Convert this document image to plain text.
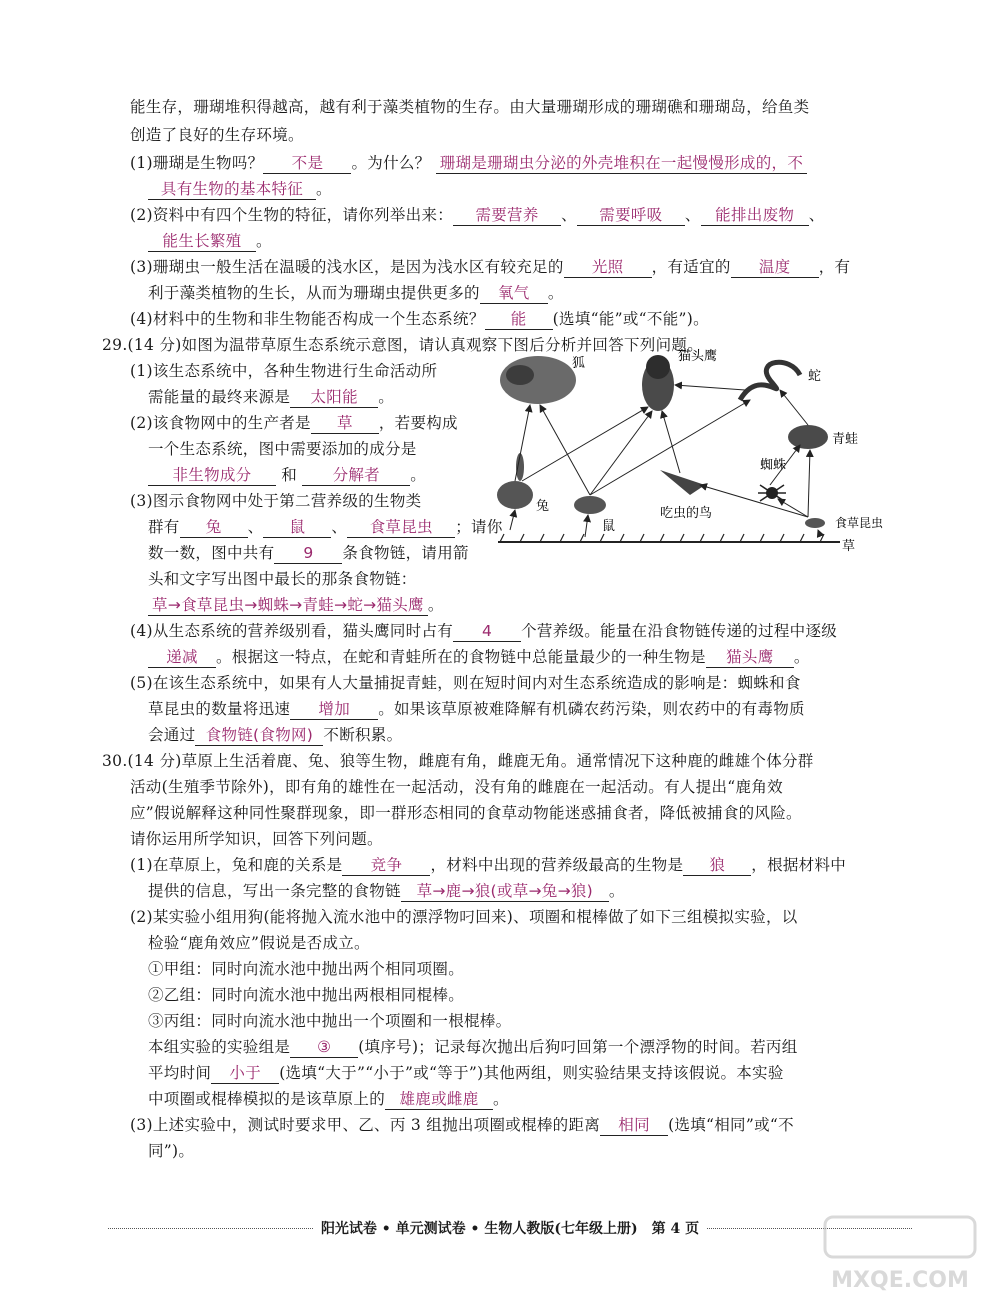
能生存，珊瑚堆积得越高，越有利于藻类植物的生存。由大量珊瑚形成的珊瑚礁和珊瑚岛，给鱼类
创造了良好的生存环境。
(1)珊瑚是生物吗？ 不是 。为什么？ 珊瑚是珊瑚虫分泌的外壳堆积在一起慢慢形成的，不
具有生物的基本特征 。
(2)资料中有四个生物的特征，请你列举出来： 需要营养 、 需要呼吸 、 能排出废物 、
能生长繁殖 。
(3)珊瑚虫一般生活在温暖的浅水区，是因为浅水区有较充足的 光照 ，有适宜的 温度 ，有
利于藻类植物的生长，从而为珊瑚虫提供更多的 氧气 。
(4)材料中的生物和非生物能否构成一个生态系统？ 能 (选填“能”或“不能”)。
29.(14 分)如图为温带草原生态系统示意图，请认真观察下图后分析并回答下列问题。
(1)该生态系统中，各种生物进行生命活动所
需能量的最终来源是 太阳能 。
(2)该食物网中的生产者是 草 ，若要构成
一个生态系统，图中需要添加的成分是
非生物成分 和 分解者 。
(3)图示食物网中处于第二营养级的生物类
群有 兔 、 鼠 、 食草昆虫 ；请你
数一数，图中共有 9 条食物链，请用箭
头和文字写出图中最长的那条食物链：
草→食草昆虫→蜘蛛→青蛙→蛇→猫头鹰 。
(4)从生态系统的营养级别看，猫头鹰同时占有 4 个营养级。能量在沿食物链传递的过程中逐级
递减 。根据这一特点，在蛇和青蛙所在的食物链中总能量最少的一种生物是 猫头鹰 。
(5)在该生态系统中，如果有人大量捕捉青蛙，则在短时间内对生态系统造成的影响是：蜘蛛和食
草昆虫的数量将迅速 增加 。如果该草原被难降解有机磷农药污染，则农药中的有毒物质
会通过 食物链(食物网) 不断积累。
狐	猫头鹰
蛇
青蛙
蜘蛛
兔
鼠
吃虫的鸟
食草昆虫
草
30.(14 分)草原上生活着鹿、兔、狼等生物，雌鹿有角，雌鹿无角。通常情况下这种鹿的雌雄个体分群
活动(生殖季节除外)，即有角的雄性在一起活动，没有角的雌鹿在一起活动。有人提出“鹿角效
应”假说解释这种同性聚群现象，即一群形态相同的食草动物能迷惑捕食者，降低被捕食的风险。
请你运用所学知识，回答下列问题。
(1)在草原上，兔和鹿的关系是 竞争 ，材料中出现的营养级最高的生物是 狼 ，根据材料中
提供的信息，写出一条完整的食物链 草→鹿→狼(或草→兔→狼) 。
(2)某实验小组用狗(能将抛入流水池中的漂浮物叼回来)、项圈和棍棒做了如下三组模拟实验，以
检验“鹿角效应”假说是否成立。
①甲组：同时向流水池中抛出两个相同项圈。
②乙组：同时向流水池中抛出两根相同棍棒。
③丙组：同时向流水池中抛出一个项圈和一根棍棒。
本组实验的实验组是 ③ (填序号)；记录每次抛出后狗叼回第一个漂浮物的时间。若丙组
平均时间 小于 (选填“大于”“小于”或“等于”)其他两组，则实验结果支持该假说。本实验
中项圈或棍棒模拟的是该草原上的 雄鹿或雌鹿 。
(3)上述实验中，测试时要求甲、乙、丙 3 组抛出项圈或棍棒的距离 相同 (选填“相同”或“不
同”)。
阳光试卷 • 单元测试卷 • 生物人教版(七年级上册)　第 4 页
MXQE.COM
